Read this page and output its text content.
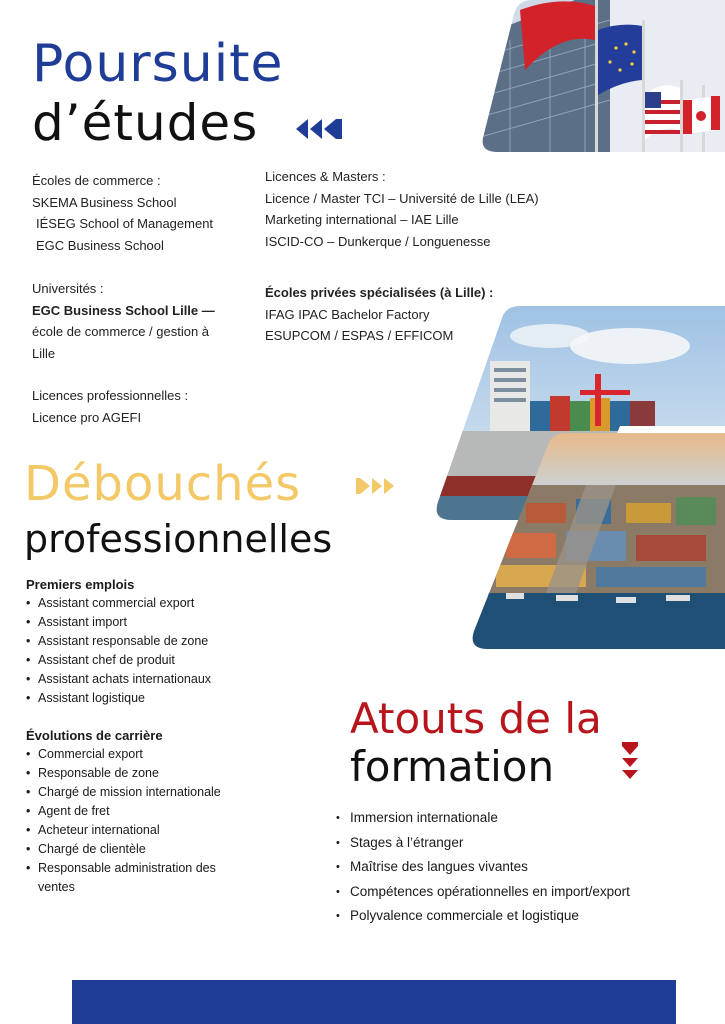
Poursuite
d’études
Écoles de commerce :
SKEMA Business School
IÉSEG School of Management
EGC Business School
Universités :
EGC Business School Lille —
école de commerce / gestion à
Lille
Licences professionnelles :
Licence pro AGEFI
Licences & Masters :
Licence / Master TCI – Université de Lille (LEA)
Marketing international – IAE Lille
ISCID-CO – Dunkerque / Longuenesse
Écoles privées spécialisées (à Lille) :
IFAG IPAC Bachelor Factory
ESUPCOM / ESPAS / EFFICOM
Débouchés
professionnelles
Premiers emplois
• Assistant commercial export
• Assistant import
• Assistant responsable de zone
• Assistant chef de produit
• Assistant achats internationaux
• Assistant logistique
Évolutions de carrière
• Commercial export
• Responsable de zone
• Chargé de mission internationale
• Agent de fret
• Acheteur international
• Chargé de clientèle
• Responsable administration des ventes
Atouts de la
formation
• Immersion internationale
• Stages à l’étranger
• Maîtrise des langues vivantes
• Compétences opérationnelles en import/export
• Polyvalence commerciale et logistique
